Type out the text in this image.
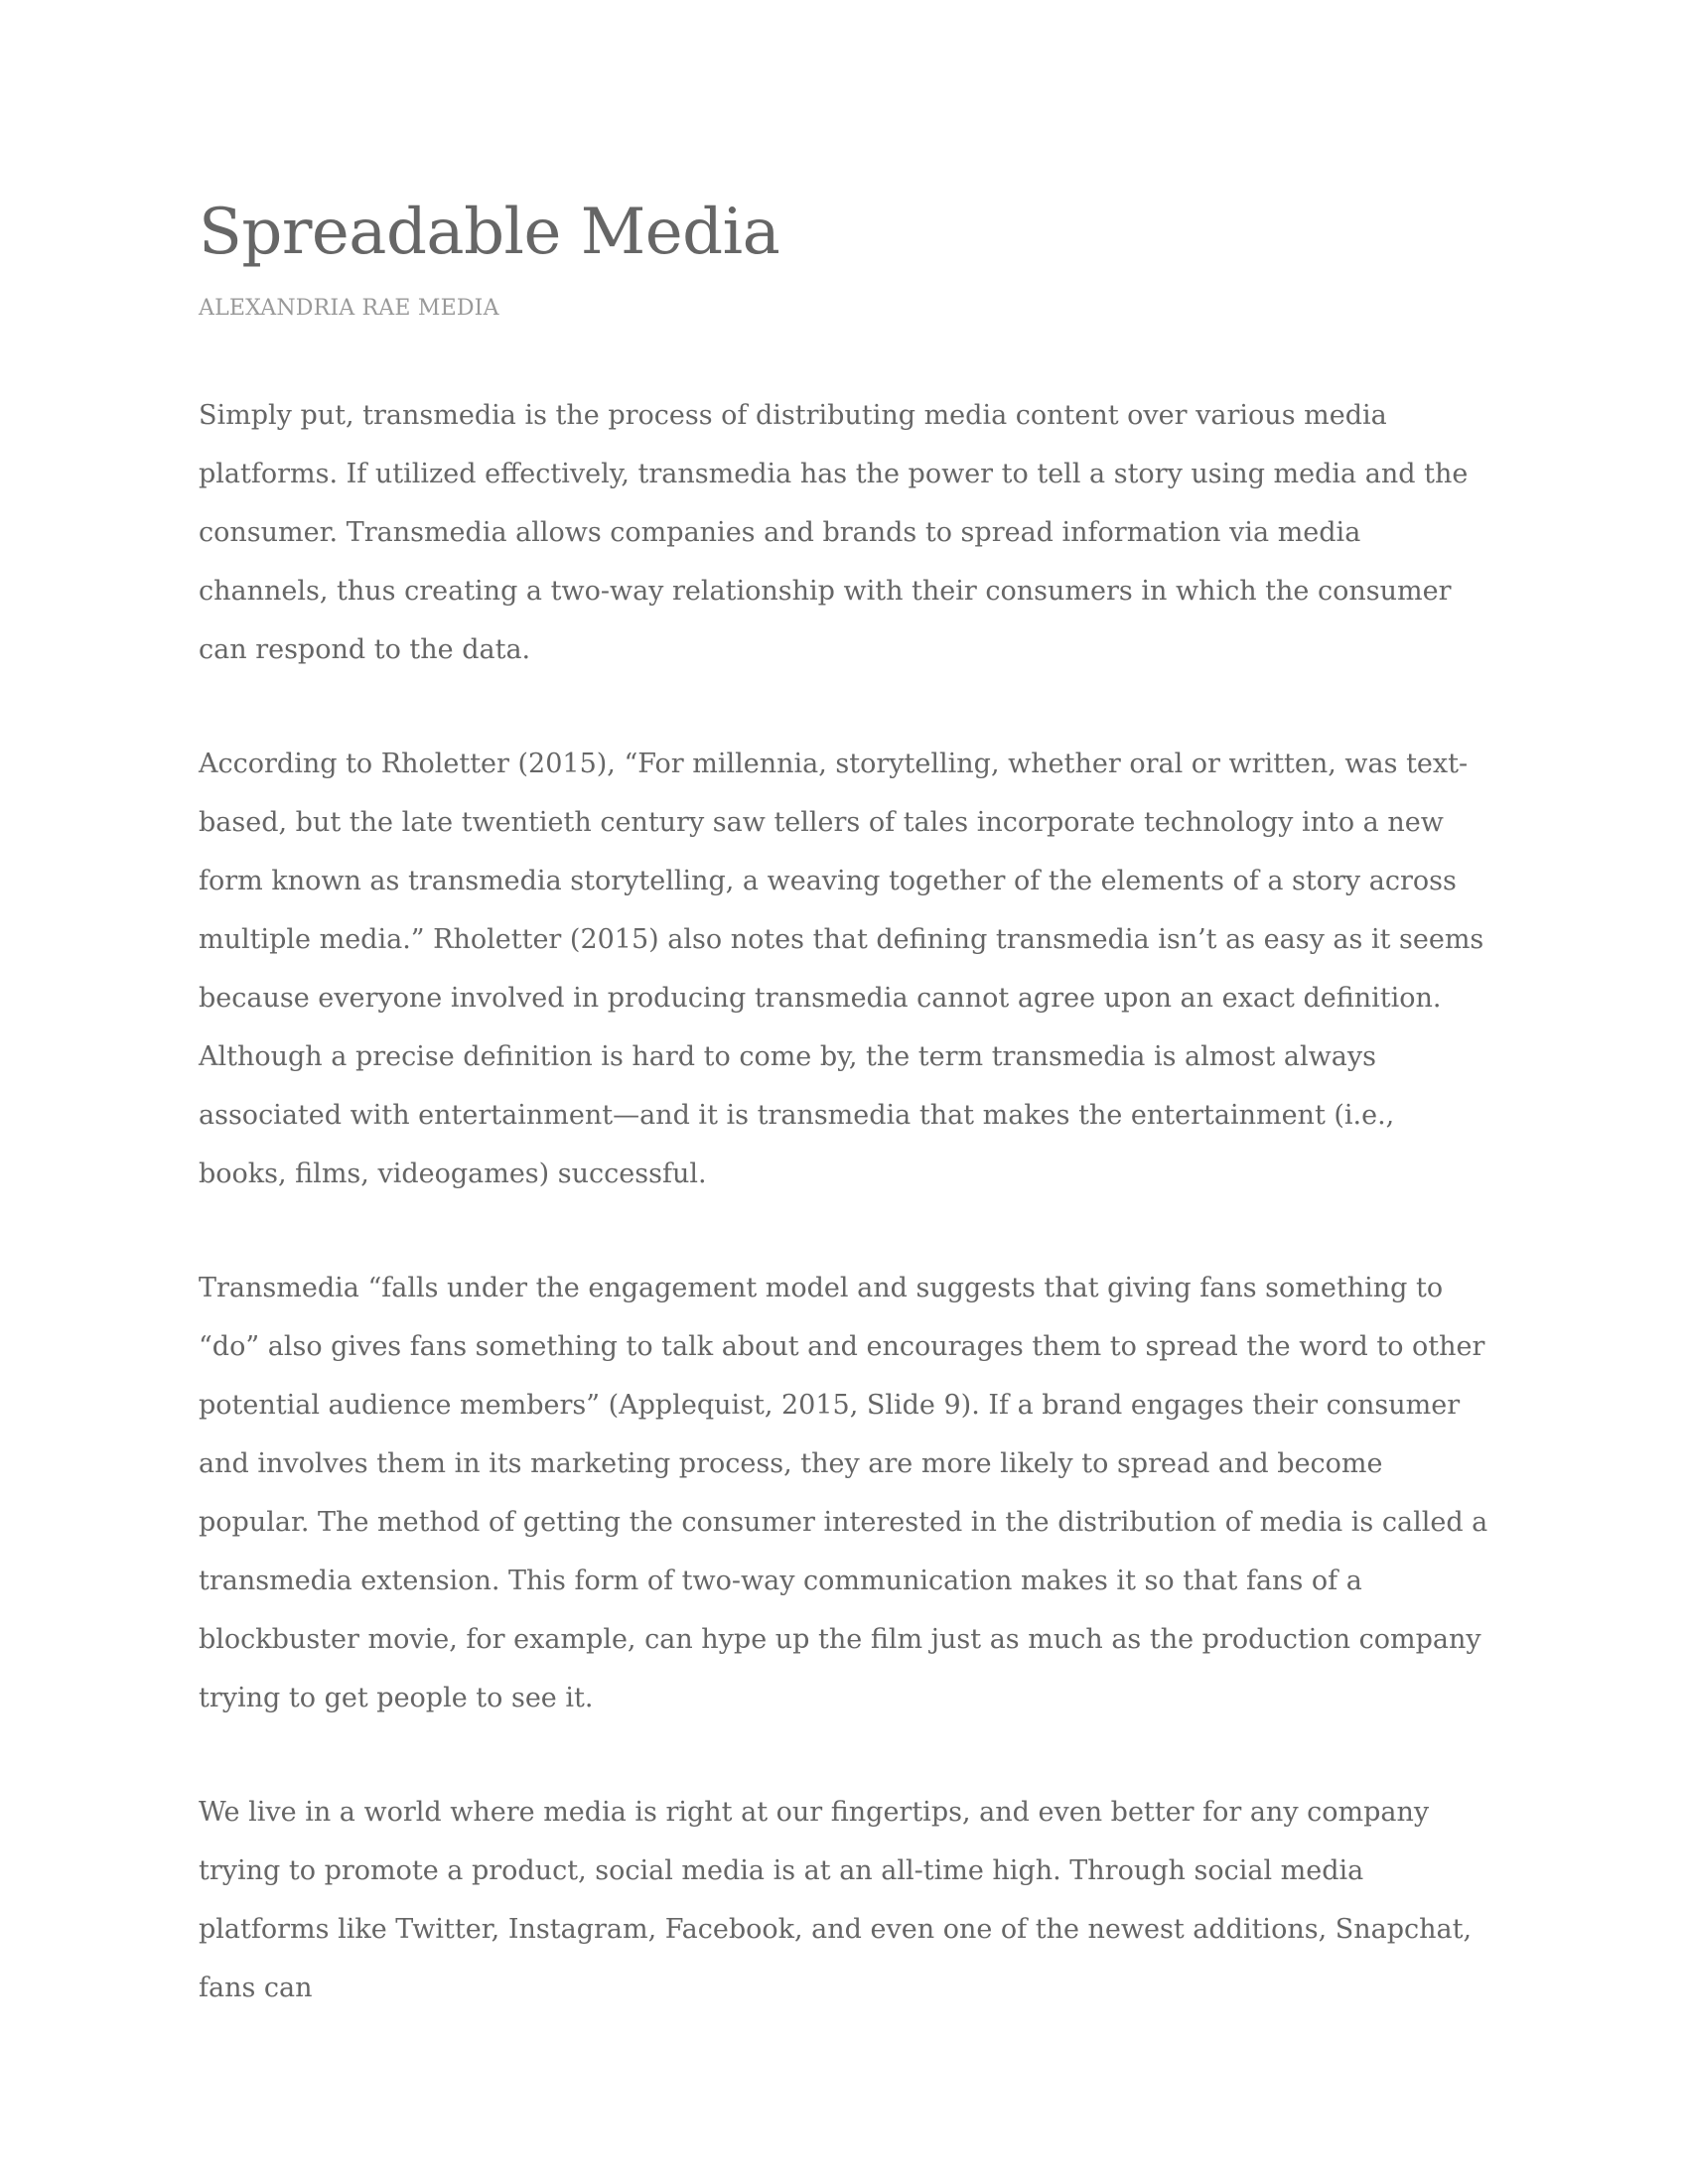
Spreadable Media
ALEXANDRIA RAE MEDIA

Simply put, transmedia is the process of distributing media content over various media platforms. If utilized effectively, transmedia has the power to tell a story using media and the consumer. Transmedia allows companies and brands to spread information via media channels, thus creating a two-way relationship with their consumers in which the consumer can respond to the data.

According to Rholetter (2015), “For millennia, storytelling, whether oral or written, was text-based, but the late twentieth century saw tellers of tales incorporate technology into a new form known as transmedia storytelling, a weaving together of the elements of a story across multiple media.” Rholetter (2015) also notes that defining transmedia isn’t as easy as it seems because everyone involved in producing transmedia cannot agree upon an exact definition. Although a precise definition is hard to come by, the term transmedia is almost always associated with entertainment—and it is transmedia that makes the entertainment (i.e., books, films, videogames) successful.

Transmedia “falls under the engagement model and suggests that giving fans something to “do” also gives fans something to talk about and encourages them to spread the word to other potential audience members” (Applequist, 2015, Slide 9). If a brand engages their consumer and involves them in its marketing process, they are more likely to spread and become popular. The method of getting the consumer interested in the distribution of media is called a transmedia extension. This form of two-way communication makes it so that fans of a blockbuster movie, for example, can hype up the film just as much as the production company trying to get people to see it.

We live in a world where media is right at our fingertips, and even better for any company trying to promote a product, social media is at an all-time high. Through social media platforms like Twitter, Instagram, Facebook, and even one of the newest additions, Snapchat, fans can
